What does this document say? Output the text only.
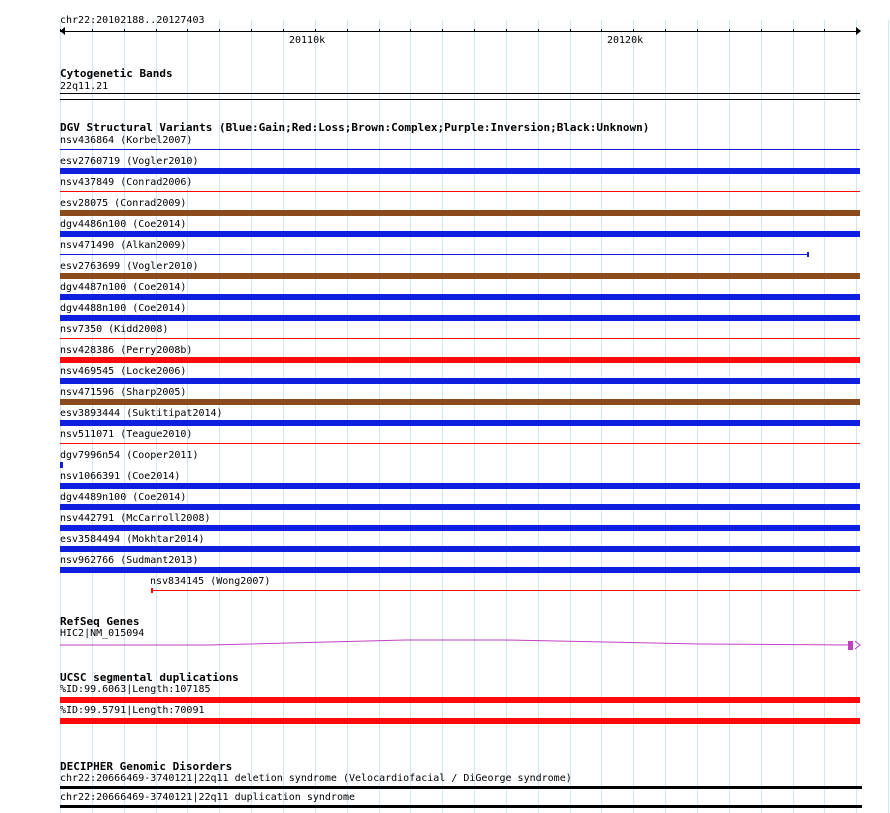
chr22:20102188..20127403
20110k	20120k
Cytogenetic Bands
22q11.21
DGV Structural Variants (Blue:Gain;Red:Loss;Brown:Complex;Purple:Inversion;Black:Unknown)
nsv436864 (Korbel2007)
esv2760719 (Vogler2010)
nsv437849 (Conrad2006)
esv28075 (Conrad2009)
dgv4486n100 (Coe2014)
nsv471490 (Alkan2009)
esv2763699 (Vogler2010)
dgv4487n100 (Coe2014)
dgv4488n100 (Coe2014)
nsv7350 (Kidd2008)
nsv428386 (Perry2008b)
nsv469545 (Locke2006)
nsv471596 (Sharp2005)
esv3893444 (Suktitipat2014)
nsv511071 (Teague2010)
dgv7996n54 (Cooper2011)
nsv1066391 (Coe2014)
dgv4489n100 (Coe2014)
nsv442791 (McCarroll2008)
esv3584494 (Mokhtar2014)
nsv962766 (Sudmant2013)
nsv834145 (Wong2007)
RefSeq Genes
HIC2|NM_015094
UCSC segmental duplications
%ID:99.6063|Length:107185
%ID:99.5791|Length:70091
DECIPHER Genomic Disorders
chr22:20666469-3740121|22q11 deletion syndrome (Velocardiofacial / DiGeorge syndrome)
chr22:20666469-3740121|22q11 duplication syndrome
